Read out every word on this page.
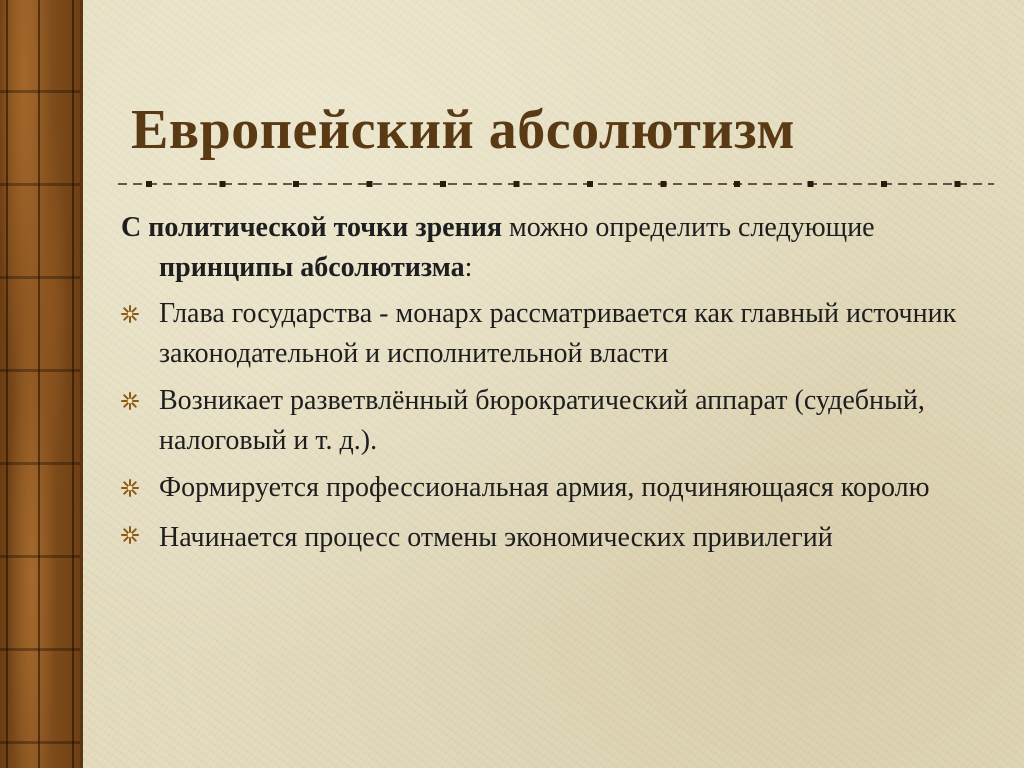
Европейский абсолютизм

С политической точки зрения можно определить следующие принципы абсолютизма:

Глава государства - монарх рассматривается как главный источник законодательной и исполнительной власти
Возникает разветвлённый бюрократический аппарат (судебный, налоговый и т. д.).
Формируется профессиональная армия, подчиняющаяся королю
Начинается процесс отмены экономических привилегий
